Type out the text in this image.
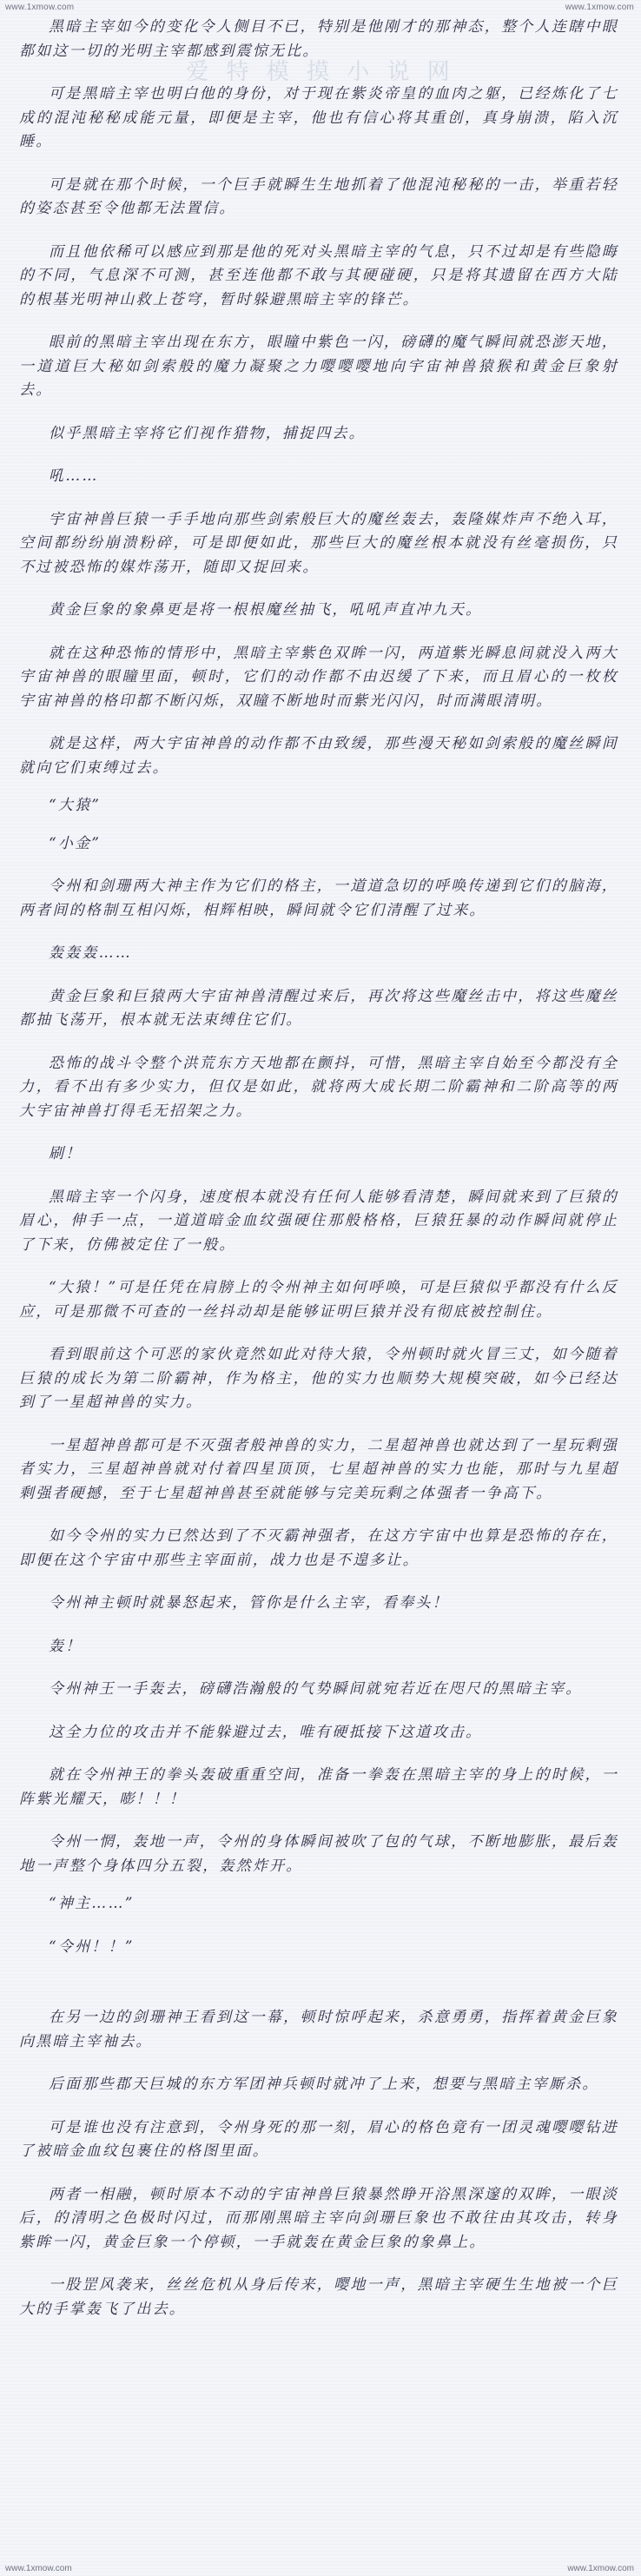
www.1xmow.com	www.1xmow.com
爱 特 模 摸 小 说 网

黑暗主宰如今的变化令人侧目不已，特别是他刚才的那神态，整个人连瞎中眼都如这一切的光明主宰都感到震惊无比。

可是黑暗主宰也明白他的身份，对于现在紫炎帝皇的血肉之躯，已经炼化了七成的混沌秘秘成能元量，即便是主宰，他也有信心将其重创，真身崩溃，陷入沉睡。

可是就在那个时候，一个巨手就瞬生生地抓着了他混沌秘秘的一击，举重若轻的姿态甚至令他都无法置信。

而且他依稀可以感应到那是他的死对头黑暗主宰的气息，只不过却是有些隐晦的不同，气息深不可测，甚至连他都不敢与其硬碰硬，只是将其遗留在西方大陆的根基光明神山救上苍穹，暂时躲避黑暗主宰的锋芒。

眼前的黑暗主宰出现在东方，眼瞳中紫色一闪，磅礴的魔气瞬间就恐澎天地，一道道巨大秘如剑索般的魔力凝聚之力嘤嘤嘤地向宇宙神兽猿猴和黄金巨象射去。

似乎黑暗主宰将它们视作猎物，捕捉四去。

吼……

宇宙神兽巨猿一手手地向那些剑索般巨大的魔丝轰去，轰隆媒炸声不绝入耳，空间都纷纷崩溃粉碎，可是即便如此，那些巨大的魔丝根本就没有丝毫损伤，只不过被恐怖的媒炸荡开，随即又捉回来。

黄金巨象的象鼻更是将一根根魔丝抽飞，吼吼声直冲九天。

就在这种恐怖的情形中，黑暗主宰紫色双眸一闪，两道紫光瞬息间就没入两大宇宙神兽的眼瞳里面，顿时，它们的动作都不由迟缓了下来，而且眉心的一枚枚宇宙神兽的格印都不断闪烁，双瞳不断地时而紫光闪闪，时而满眼清明。

就是这样，两大宇宙神兽的动作都不由致缓，那些漫天秘如剑索般的魔丝瞬间就向它们束缚过去。

“大猿”

“小金”

令州和剑珊两大神主作为它们的格主，一道道急切的呼唤传递到它们的脑海，两者间的格制互相闪烁，相辉相映，瞬间就令它们清醒了过来。

轰轰轰……

黄金巨象和巨猿两大宇宙神兽清醒过来后，再次将这些魔丝击中，将这些魔丝都抽飞荡开，根本就无法束缚住它们。

恐怖的战斗令整个洪荒东方天地都在颤抖，可惜，黑暗主宰自始至今都没有全力，看不出有多少实力，但仅是如此，就将两大成长期二阶霸神和二阶高等的两大宇宙神兽打得毛无招架之力。

刷！

黑暗主宰一个闪身，速度根本就没有任何人能够看清楚，瞬间就来到了巨猿的眉心，伸手一点，一道道暗金血纹强硬住那般格格，巨猿狂暴的动作瞬间就停止了下来，仿佛被定住了一般。

“大猿！”可是任凭在肩膀上的令州神主如何呼唤，可是巨猿似乎都没有什么反应，可是那微不可查的一丝抖动却是能够证明巨猿并没有彻底被控制住。

看到眼前这个可恶的家伙竟然如此对待大猿，令州顿时就火冒三丈，如今随着巨猿的成长为第二阶霸神，作为格主，他的实力也顺势大规模突破，如今已经达到了一星超神兽的实力。

一星超神兽都可是不灭强者般神兽的实力，二星超神兽也就达到了一星玩剩强者实力，三星超神兽就对付着四星顶顶，七星超神兽的实力也能，那时与九星超剩强者硬撼，至于七星超神兽甚至就能够与完美玩剩之体强者一争高下。

如今令州的实力已然达到了不灭霸神强者，在这方宇宙中也算是恐怖的存在，即便在这个宇宙中那些主宰面前，战力也是不遑多让。

令州神主顿时就暴怒起来，管你是什么主宰，看奉头！

轰！

令州神王一手轰去，磅礴浩瀚般的气势瞬间就宛若近在咫尺的黑暗主宰。

这全力位的攻击并不能躲避过去，唯有硬抵接下这道攻击。

就在令州神王的拳头轰破重重空间，准备一拳轰在黑暗主宰的身上的时候，一阵紫光耀天，嘭！！！

令州一惘，轰地一声，令州的身体瞬间被吹了包的气球，不断地膨胀，最后轰地一声整个身体四分五裂，轰然炸开。

“神主……”

“令州！！”

在另一边的剑珊神王看到这一幕，顿时惊呼起来，杀意勇勇，指挥着黄金巨象向黑暗主宰袖去。

后面那些郡天巨城的东方军团神兵顿时就冲了上来，想要与黑暗主宰厮杀。

可是谁也没有注意到，令州身死的那一刻，眉心的格色竟有一团灵魂嘤嘤钻进了被暗金血纹包裹住的格图里面。

两者一相融，顿时原本不动的宇宙神兽巨猿暴然睁开浴黑深邃的双眸，一眼淡后，的清明之色极时闪过，而那刚黑暗主宰向剑珊巨象也不敢往由其攻击，转身紫眸一闪，黄金巨象一个停顿，一手就轰在黄金巨象的象鼻上。

一股罡风袭来，丝丝危机从身后传来，嘤地一声，黑暗主宰硬生生地被一个巨大的手掌轰飞了出去。

www.1xmow.com	www.1xmow.com
